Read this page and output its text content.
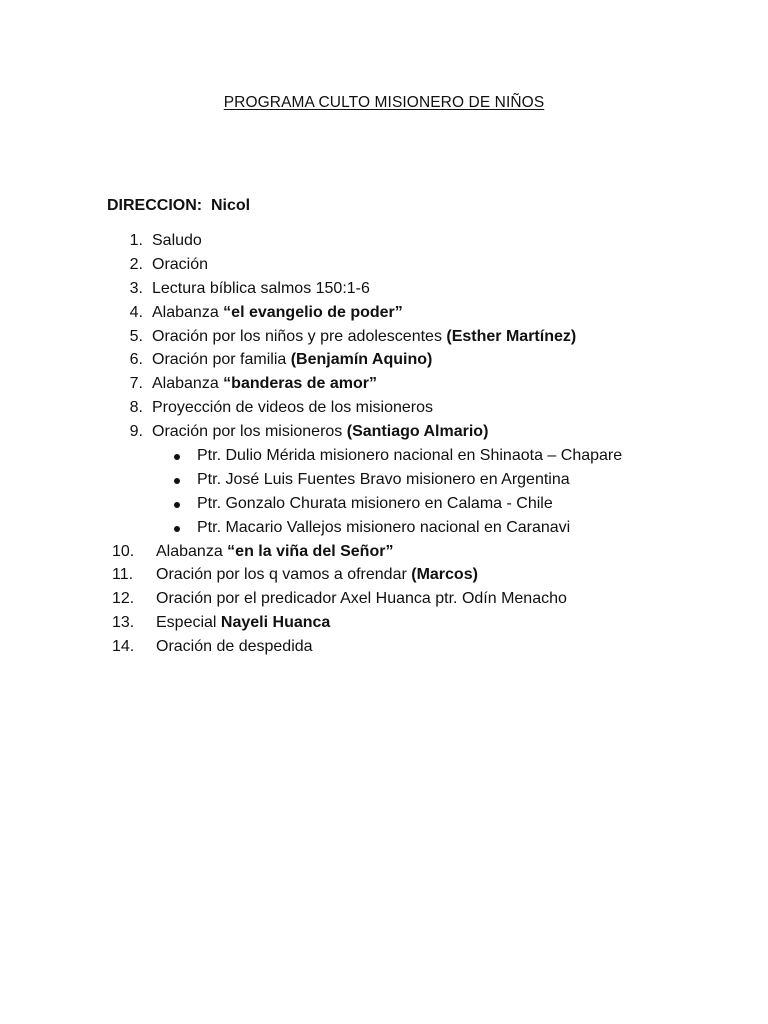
PROGRAMA CULTO MISIONERO DE NIÑOS
DIRECCION: Nicol
1. Saludo
2. Oración
3. Lectura bíblica salmos 150:1-6
4. Alabanza “el evangelio de poder”
5. Oración por los niños y pre adolescentes (Esther Martínez)
6. Oración por familia (Benjamín Aquino)
7. Alabanza “banderas de amor”
8. Proyección de videos de los misioneros
9. Oración por los misioneros (Santiago Almario)
Ptr. Dulio Mérida misionero nacional en Shinaota – Chapare
Ptr. José Luis Fuentes Bravo misionero en Argentina
Ptr. Gonzalo Churata misionero en Calama - Chile
Ptr. Macario Vallejos misionero nacional en Caranavi
10. Alabanza “en la viña del Señor”
11. Oración por los q vamos a ofrendar (Marcos)
12. Oración por el predicador Axel Huanca ptr. Odín Menacho
13. Especial Nayeli Huanca
14. Oración de despedida
